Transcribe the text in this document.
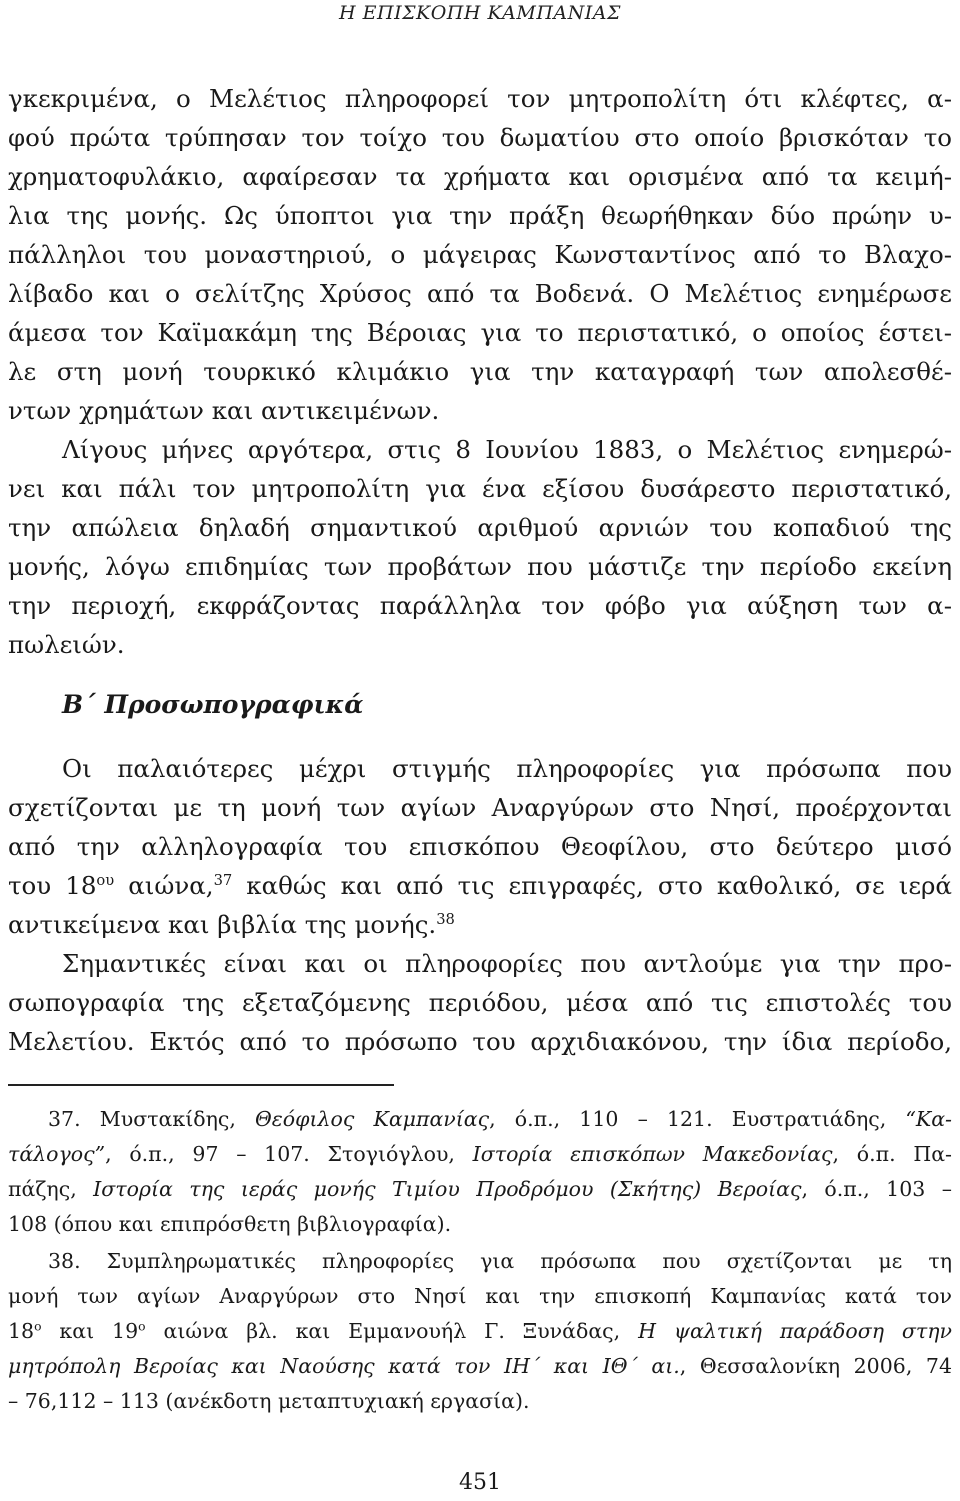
Η ΕΠΙΣΚΟΠΗ ΚΑΜΠΑΝΙΑΣ
γκεκριμένα, ο Μελέτιος πληροφορεί τον μητροπολίτη ότι κλέφτες, α-
φού πρώτα τρύπησαν τον τοίχο του δωματίου στο οποίο βρισκόταν το
χρηματοφυλάκιο, αφαίρεσαν τα χρήματα και ορισμένα από τα κειμή-
λια της μονής. Ως ύποπτοι για την πράξη θεωρήθηκαν δύο πρώην υ-
πάλληλοι του μοναστηριού, ο μάγειρας Κωνσταντίνος από το Βλαχο-
λίβαδο και ο σελίτζης Χρύσος από τα Βοδενά. Ο Μελέτιος ενημέρωσε
άμεσα τον Καϊμακάμη της Βέροιας για το περιστατικό, ο οποίος έστει-
λε στη μονή τουρκικό κλιμάκιο για την καταγραφή των απολεσθέ-
ντων χρημάτων και αντικειμένων.
Λίγους μήνες αργότερα, στις 8 Ιουνίου 1883, ο Μελέτιος ενημερώ-
νει και πάλι τον μητροπολίτη για ένα εξίσου δυσάρεστο περιστατικό,
την απώλεια δηλαδή σημαντικού αριθμού αρνιών του κοπαδιού της
μονής, λόγω επιδημίας των προβάτων που μάστιζε την περίοδο εκείνη
την περιοχή, εκφράζοντας παράλληλα τον φόβο για αύξηση των α-
πωλειών.
Β΄ Προσωπογραφικά
Οι παλαιότερες μέχρι στιγμής πληροφορίες για πρόσωπα που
σχετίζονται με τη μονή των αγίων Αναργύρων στο Νησί, προέρχονται
από την αλληλογραφία του επισκόπου Θεοφίλου, στο δεύτερο μισό
του $18^{o\upsilon}$ αιώνα,$^{37}$ καθώς και από τις επιγραφές, στο καθολικό, σε ιερά
αντικείμενα και βιβλία της μονής.$^{38}$
Σημαντικές είναι και οι πληροφορίες που αντλούμε για την προ-
σωπογραφία της εξεταζόμενης περιόδου, μέσα από τις επιστολές του
Μελετίου. Εκτός από το πρόσωπο του αρχιδιακόνου, την ίδια περίοδο,
37. Μυστακίδης, Θεόφιλος Καμπανίας, ό.π., 110 – 121. Ευστρατιάδης, “Κα-
τάλογος”, ό.π., 97 – 107. Στογιόγλου, Ιστορία επισκόπων Μακεδονίας, ό.π. Πα-
πάζης, Ιστορία της ιεράς μονής Τιμίου Προδρόμου (Σκήτης) Βεροίας, ό.π., 103 –
108 (όπου και επιπρόσθετη βιβλιογραφία).
38. Συμπληρωματικές πληροφορίες για πρόσωπα που σχετίζονται με τη
μονή των αγίων Αναργύρων στο Νησί και την επισκοπή Καμπανίας κατά τον
$18^o$ και $19^o$ αιώνα βλ. και Εμμανουήλ Γ. Ξυνάδας, Η ψαλτική παράδοση στην
μητρόπολη Βεροίας και Ναούσης κατά τον ΙΗ΄ και ΙΘ΄ αι., Θεσσαλονίκη 2006, 74
– 76,112 – 113 (ανέκδοτη μεταπτυχιακή εργασία).
451
